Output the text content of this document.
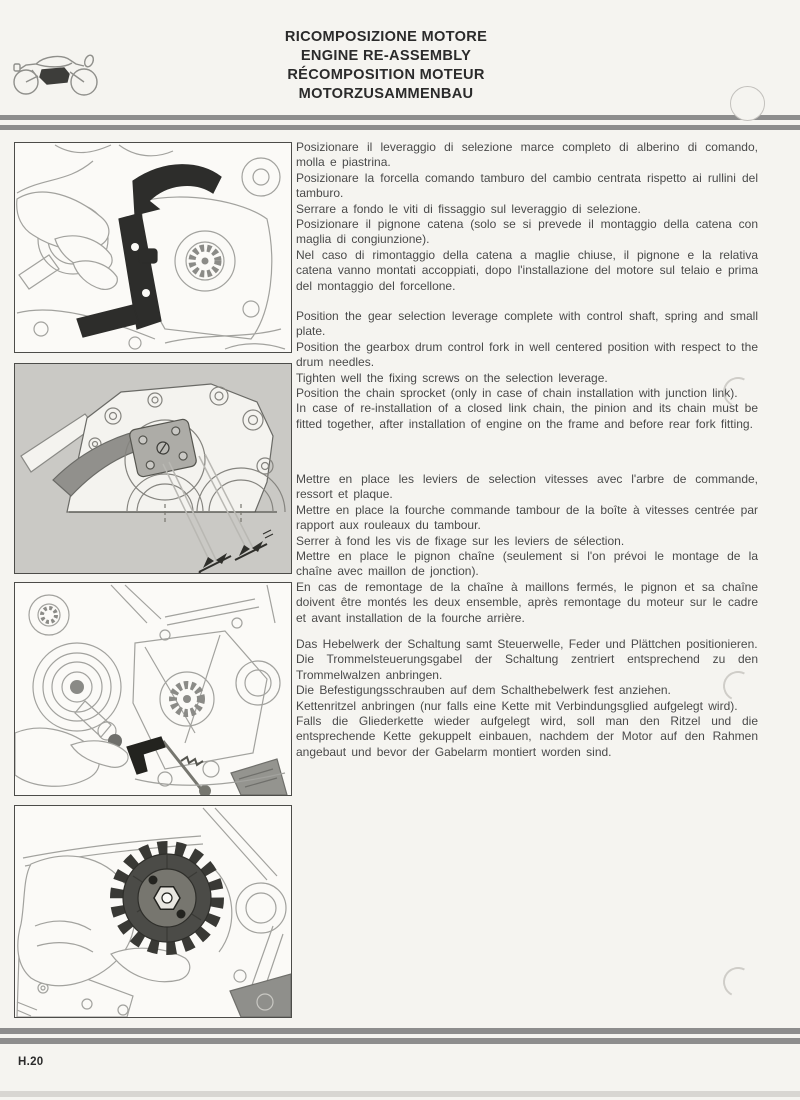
RICOMPOSIZIONE MOTORE
ENGINE RE-ASSEMBLY
RÉCOMPOSITION MOTEUR
MOTORZUSAMMENBAU

Posizionare il leveraggio di selezione marce completo di alberino di comando, molla e piastrina.

Posizionare la forcella comando tamburo del cambio centrata rispetto ai rullini del tamburo.

Serrare a fondo le viti di fissaggio sul leveraggio di selezione.

Posizionare il pignone catena (solo se si prevede il montaggio della catena con maglia di congiunzione).

Nel caso di rimontaggio della catena a maglie chiuse, il pignone e la relativa catena vanno montati accoppiati, dopo l'installazione del motore sul telaio e prima del montaggio del forcellone.

Position the gear selection leverage complete with control shaft, spring and small plate.

Position the gearbox drum control fork in well centered position with respect to the drum needles.

Tighten well the fixing screws on the selection leverage.

Position the chain sprocket (only in case of chain installation with junction link).

In case of re-installation of a closed link chain, the pinion and its chain must be fitted together, after installation of engine on the frame and before rear fork fitting.

Mettre en place les leviers de selection vitesses avec l'arbre de commande, ressort et plaque.

Mettre en place la fourche commande tambour de la boîte à vitesses centrée par rapport aux rouleaux du tambour.

Serrer à fond les vis de fixage sur les leviers de sélection.

Mettre en place le pignon chaîne (seulement si l'on prévoi le montage de la chaîne avec maillon de jonction).

En cas de remontage de la chaîne à maillons fermés, le pignon et sa chaîne doivent être montés les deux ensemble, après remontage du moteur sur le cadre et avant installation de la fourche arrière.

Das Hebelwerk der Schaltung samt Steuerwelle, Feder und Plättchen positionieren.

Die Trommelsteuerungsgabel der Schaltung zentriert entsprechend zu den Trommelwalzen anbringen.

Die Befestigungsschrauben auf dem Schalthebelwerk fest anziehen.

Kettenritzel anbringen (nur falls eine Kette mit Verbindungsglied aufgelegt wird).

Falls die Gliederkette wieder aufgelegt wird, soll man den Ritzel und die entsprechende Kette gekuppelt einbauen, nachdem der Motor auf den Rahmen angebaut und bevor der Gabelarm montiert worden sind.

H.20
